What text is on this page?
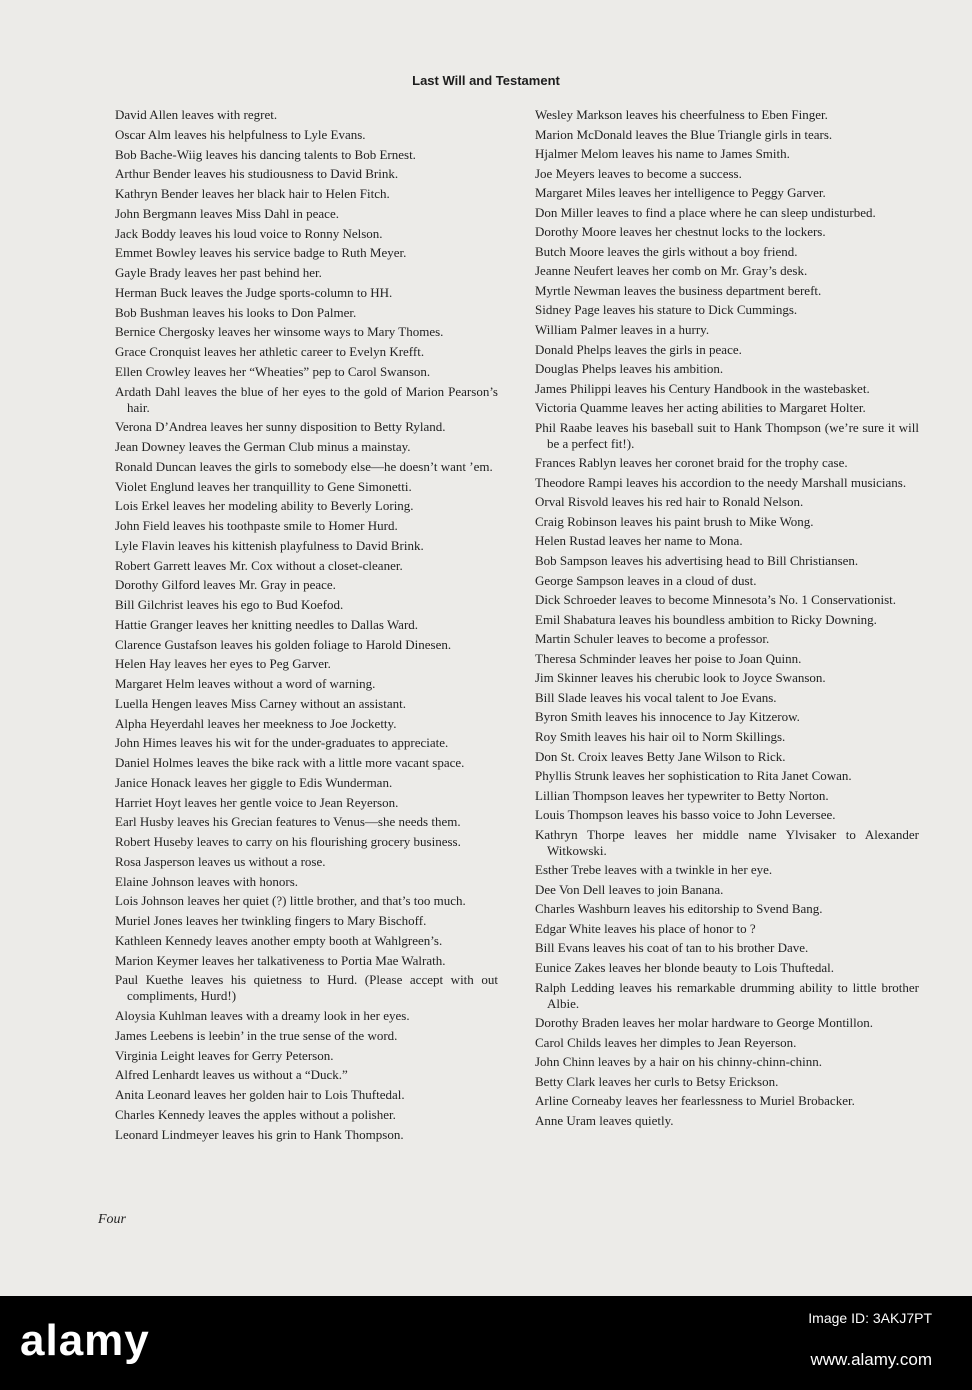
Last Will and Testament
David Allen leaves with regret.
Oscar Alm leaves his helpfulness to Lyle Evans.
Bob Bache-Wiig leaves his dancing talents to Bob Ernest.
Arthur Bender leaves his studiousness to David Brink.
Kathryn Bender leaves her black hair to Helen Fitch.
John Bergmann leaves Miss Dahl in peace.
Jack Boddy leaves his loud voice to Ronny Nelson.
Emmet Bowley leaves his service badge to Ruth Meyer.
Gayle Brady leaves her past behind her.
Herman Buck leaves the Judge sports-column to HH.
Bob Bushman leaves his looks to Don Palmer.
Bernice Chergosky leaves her winsome ways to Mary Thomes.
Grace Cronquist leaves her athletic career to Evelyn Krefft.
Ellen Crowley leaves her “Wheaties” pep to Carol Swanson.
Ardath Dahl leaves the blue of her eyes to the gold of Marion Pearson’s hair.
Verona D’Andrea leaves her sunny disposition to Betty Ryland.
Jean Downey leaves the German Club minus a mainstay.
Ronald Duncan leaves the girls to somebody else—he doesn’t want ’em.
Violet Englund leaves her tranquillity to Gene Simonetti.
Lois Erkel leaves her modeling ability to Beverly Loring.
John Field leaves his toothpaste smile to Homer Hurd.
Lyle Flavin leaves his kittenish playfulness to David Brink.
Robert Garrett leaves Mr. Cox without a closet-cleaner.
Dorothy Gilford leaves Mr. Gray in peace.
Bill Gilchrist leaves his ego to Bud Koefod.
Hattie Granger leaves her knitting needles to Dallas Ward.
Clarence Gustafson leaves his golden foliage to Harold Dinesen.
Helen Hay leaves her eyes to Peg Garver.
Margaret Helm leaves without a word of warning.
Luella Hengen leaves Miss Carney without an assistant.
Alpha Heyerdahl leaves her meekness to Joe Jocketty.
John Himes leaves his wit for the under-graduates to appreciate.
Daniel Holmes leaves the bike rack with a little more vacant space.
Janice Honack leaves her giggle to Edis Wunderman.
Harriet Hoyt leaves her gentle voice to Jean Reyerson.
Earl Husby leaves his Grecian features to Venus—she needs them.
Robert Huseby leaves to carry on his flourishing grocery business.
Rosa Jasperson leaves us without a rose.
Elaine Johnson leaves with honors.
Lois Johnson leaves her quiet (?) little brother, and that’s too much.
Muriel Jones leaves her twinkling fingers to Mary Bischoff.
Kathleen Kennedy leaves another empty booth at Wahlgreen’s.
Marion Keymer leaves her talkativeness to Portia Mae Walrath.
Paul Kuethe leaves his quietness to Hurd. (Please accept with out compliments, Hurd!)
Aloysia Kuhlman leaves with a dreamy look in her eyes.
James Leebens is leebin’ in the true sense of the word.
Virginia Leight leaves for Gerry Peterson.
Alfred Lenhardt leaves us without a “Duck.”
Anita Leonard leaves her golden hair to Lois Thuftedal.
Charles Kennedy leaves the apples without a polisher.
Leonard Lindmeyer leaves his grin to Hank Thompson.
Wesley Markson leaves his cheerfulness to Eben Finger.
Marion McDonald leaves the Blue Triangle girls in tears.
Hjalmer Melom leaves his name to James Smith.
Joe Meyers leaves to become a success.
Margaret Miles leaves her intelligence to Peggy Garver.
Don Miller leaves to find a place where he can sleep undisturbed.
Dorothy Moore leaves her chestnut locks to the lockers.
Butch Moore leaves the girls without a boy friend.
Jeanne Neufert leaves her comb on Mr. Gray’s desk.
Myrtle Newman leaves the business department bereft.
Sidney Page leaves his stature to Dick Cummings.
William Palmer leaves in a hurry.
Donald Phelps leaves the girls in peace.
Douglas Phelps leaves his ambition.
James Philippi leaves his Century Handbook in the wastebasket.
Victoria Quamme leaves her acting abilities to Margaret Holter.
Phil Raabe leaves his baseball suit to Hank Thompson (we’re sure it will be a perfect fit!).
Frances Rablyn leaves her coronet braid for the trophy case.
Theodore Rampi leaves his accordion to the needy Marshall musicians.
Orval Risvold leaves his red hair to Ronald Nelson.
Craig Robinson leaves his paint brush to Mike Wong.
Helen Rustad leaves her name to Mona.
Bob Sampson leaves his advertising head to Bill Christiansen.
George Sampson leaves in a cloud of dust.
Dick Schroeder leaves to become Minnesota’s No. 1 Conservationist.
Emil Shabatura leaves his boundless ambition to Ricky Downing.
Martin Schuler leaves to become a professor.
Theresa Schminder leaves her poise to Joan Quinn.
Jim Skinner leaves his cherubic look to Joyce Swanson.
Bill Slade leaves his vocal talent to Joe Evans.
Byron Smith leaves his innocence to Jay Kitzerow.
Roy Smith leaves his hair oil to Norm Skillings.
Don St. Croix leaves Betty Jane Wilson to Rick.
Phyllis Strunk leaves her sophistication to Rita Janet Cowan.
Lillian Thompson leaves her typewriter to Betty Norton.
Louis Thompson leaves his basso voice to John Leversee.
Kathryn Thorpe leaves her middle name Ylvisaker to Alexander Witkowski.
Esther Trebe leaves with a twinkle in her eye.
Dee Von Dell leaves to join Banana.
Charles Washburn leaves his editorship to Svend Bang.
Edgar White leaves his place of honor to ?
Bill Evans leaves his coat of tan to his brother Dave.
Eunice Zakes leaves her blonde beauty to Lois Thuftedal.
Ralph Ledding leaves his remarkable drumming ability to little brother Albie.
Dorothy Braden leaves her molar hardware to George Montillon.
Carol Childs leaves her dimples to Jean Reyerson.
John Chinn leaves by a hair on his chinny-chinn-chinn.
Betty Clark leaves her curls to Betsy Erickson.
Arline Corneaby leaves her fearlessness to Muriel Brobacker.
Anne Uram leaves quietly.
Four
alamy	Image ID: 3AKJ7PT
www.alamy.com
